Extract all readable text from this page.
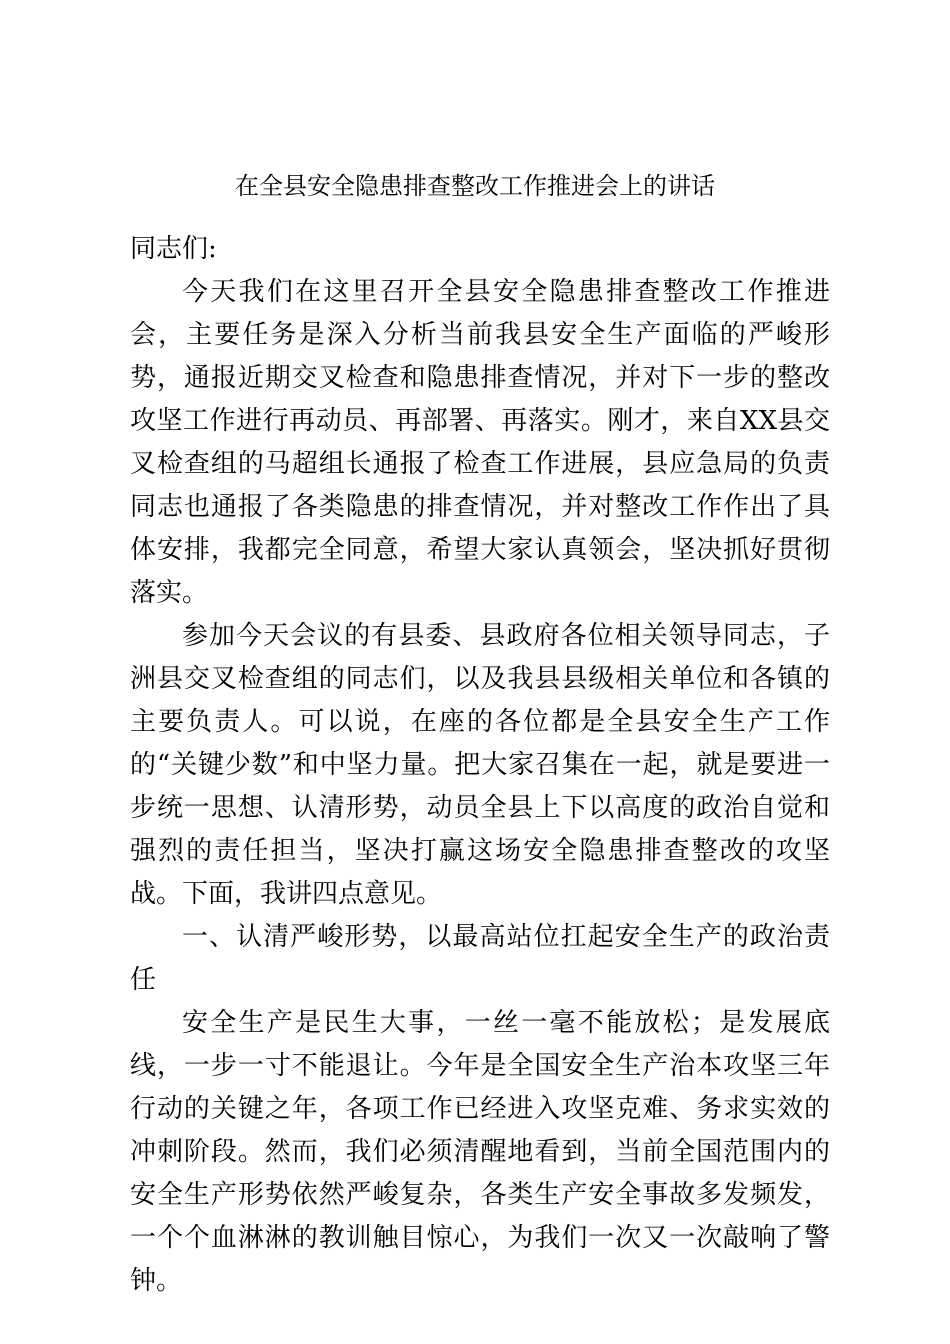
在全县安全隐患排查整改工作推进会上的讲话

同志们:

今天我们在这里召开全县安全隐患排查整改工作推进会，主要任务是深入分析当前我县安全生产面临的严峻形势，通报近期交叉检查和隐患排查情况，并对下一步的整改攻坚工作进行再动员、再部署、再落实。刚才，来自XX县交叉检查组的马超组长通报了检查工作进展，县应急局的负责同志也通报了各类隐患的排查情况，并对整改工作作出了具体安排，我都完全同意，希望大家认真领会，坚决抓好贯彻落实。

参加今天会议的有县委、县政府各位相关领导同志，子洲县交叉检查组的同志们，以及我县县级相关单位和各镇的主要负责人。可以说，在座的各位都是全县安全生产工作的“关键少数”和中坚力量。把大家召集在一起，就是要进一步统一思想、认清形势，动员全县上下以高度的政治自觉和强烈的责任担当，坚决打赢这场安全隐患排查整改的攻坚战。下面，我讲四点意见。

一、认清严峻形势，以最高站位扛起安全生产的政治责任

安全生产是民生大事，一丝一毫不能放松；是发展底线，一步一寸不能退让。今年是全国安全生产治本攻坚三年行动的关键之年，各项工作已经进入攻坚克难、务求实效的冲刺阶段。然而，我们必须清醒地看到，当前全国范围内的安全生产形势依然严峻复杂，各类生产安全事故多发频发，一个个血淋淋的教训触目惊心，为我们一次又一次敲响了警钟。
